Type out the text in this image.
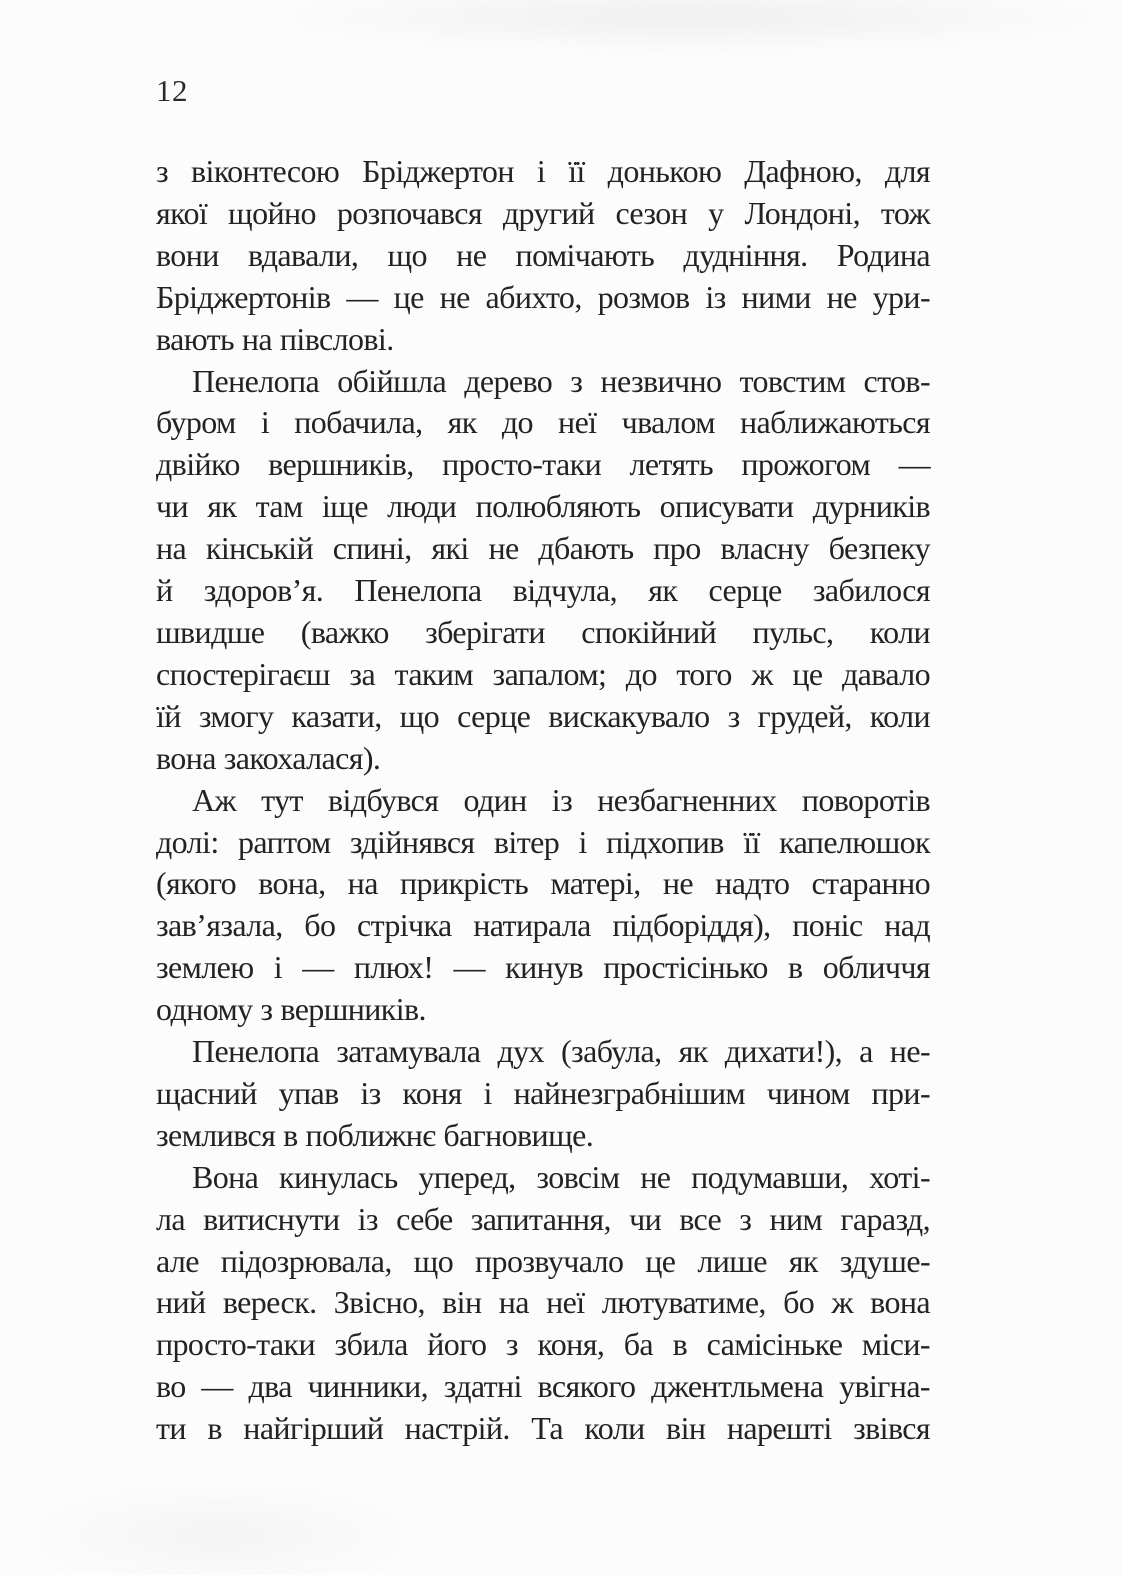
12
з віконтесою Бріджертон і її донькою Дафною, для
якої щойно розпочався другий сезон у Лондоні, тож
вони вдавали, що не помічають дудніння. Родина
Бріджертонів — це не абихто, розмов із ними не ури-
вають на півслові.
Пенелопа обійшла дерево з незвично товстим стов-
буром і побачила, як до неї чвалом наближаються
двійко вершників, просто-таки летять прожогом —
чи як там іще люди полюбляють описувати дурників
на кінській спині, які не дбають про власну безпеку
й здоров’я. Пенелопа відчула, як серце забилося
швидше (важко зберігати спокійний пульс, коли
спостерігаєш за таким запалом; до того ж це давало
їй змогу казати, що серце вискакувало з грудей, коли
вона закохалася).
Аж тут відбувся один із незбагненних поворотів
долі: раптом здійнявся вітер і підхопив її капелюшок
(якого вона, на прикрість матері, не надто старанно
зав’язала, бо стрічка натирала підборіддя), поніс над
землею і — плюх! — кинув простісінько в обличчя
одному з вершників.
Пенелопа затамувала дух (забула, як дихати!), а не-
щасний упав із коня і найнезграбнішим чином при-
землився в поближнє багновище.
Вона кинулась уперед, зовсім не подумавши, хоті-
ла витиснути із себе запитання, чи все з ним гаразд,
але підозрювала, що прозвучало це лише як здуше-
ний вереск. Звісно, він на неї лютуватиме, бо ж вона
просто-таки збила його з коня, ба в самісіньке міси-
во — два чинники, здатні всякого джентльмена увігна-
ти в найгірший настрій. Та коли він нарешті звівся
